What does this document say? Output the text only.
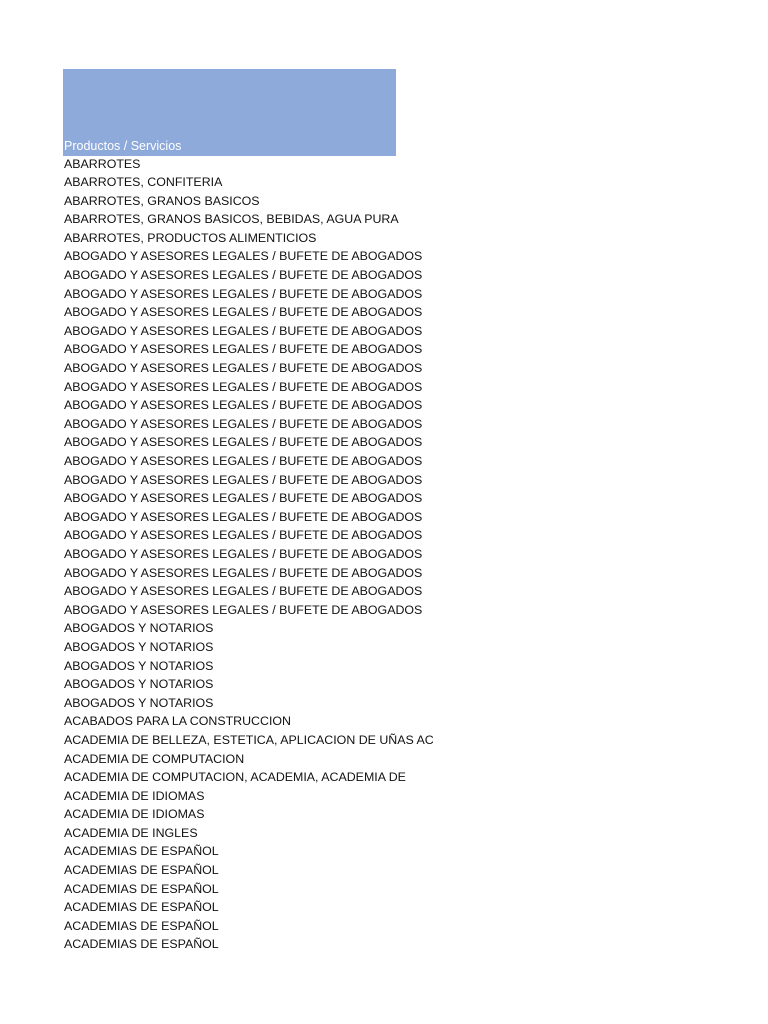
Productos / Servicios
ABARROTES
ABARROTES, CONFITERIA
ABARROTES, GRANOS BASICOS
ABARROTES, GRANOS BASICOS, BEBIDAS, AGUA PURA
ABARROTES, PRODUCTOS ALIMENTICIOS
ABOGADO Y ASESORES LEGALES / BUFETE DE ABOGADOS
ABOGADO Y ASESORES LEGALES / BUFETE DE ABOGADOS
ABOGADO Y ASESORES LEGALES / BUFETE DE ABOGADOS
ABOGADO Y ASESORES LEGALES / BUFETE DE ABOGADOS
ABOGADO Y ASESORES LEGALES / BUFETE DE ABOGADOS
ABOGADO Y ASESORES LEGALES / BUFETE DE ABOGADOS
ABOGADO Y ASESORES LEGALES / BUFETE DE ABOGADOS
ABOGADO Y ASESORES LEGALES / BUFETE DE ABOGADOS
ABOGADO Y ASESORES LEGALES / BUFETE DE ABOGADOS
ABOGADO Y ASESORES LEGALES / BUFETE DE ABOGADOS
ABOGADO Y ASESORES LEGALES / BUFETE DE ABOGADOS
ABOGADO Y ASESORES LEGALES / BUFETE DE ABOGADOS
ABOGADO Y ASESORES LEGALES / BUFETE DE ABOGADOS
ABOGADO Y ASESORES LEGALES / BUFETE DE ABOGADOS
ABOGADO Y ASESORES LEGALES / BUFETE DE ABOGADOS
ABOGADO Y ASESORES LEGALES / BUFETE DE ABOGADOS
ABOGADO Y ASESORES LEGALES / BUFETE DE ABOGADOS
ABOGADO Y ASESORES LEGALES / BUFETE DE ABOGADOS
ABOGADO Y ASESORES LEGALES / BUFETE DE ABOGADOS
ABOGADO Y ASESORES LEGALES / BUFETE DE ABOGADOS
ABOGADOS Y NOTARIOS
ABOGADOS Y NOTARIOS
ABOGADOS Y NOTARIOS
ABOGADOS Y NOTARIOS
ABOGADOS Y NOTARIOS
ACABADOS PARA LA CONSTRUCCION
ACADEMIA DE BELLEZA, ESTETICA, APLICACION DE UÑAS AC
ACADEMIA DE COMPUTACION
ACADEMIA DE COMPUTACION, ACADEMIA, ACADEMIA DE
ACADEMIA DE IDIOMAS
ACADEMIA DE IDIOMAS
ACADEMIA DE INGLES
ACADEMIAS DE ESPAÑOL
ACADEMIAS DE ESPAÑOL
ACADEMIAS DE ESPAÑOL
ACADEMIAS DE ESPAÑOL
ACADEMIAS DE ESPAÑOL
ACADEMIAS DE ESPAÑOL
